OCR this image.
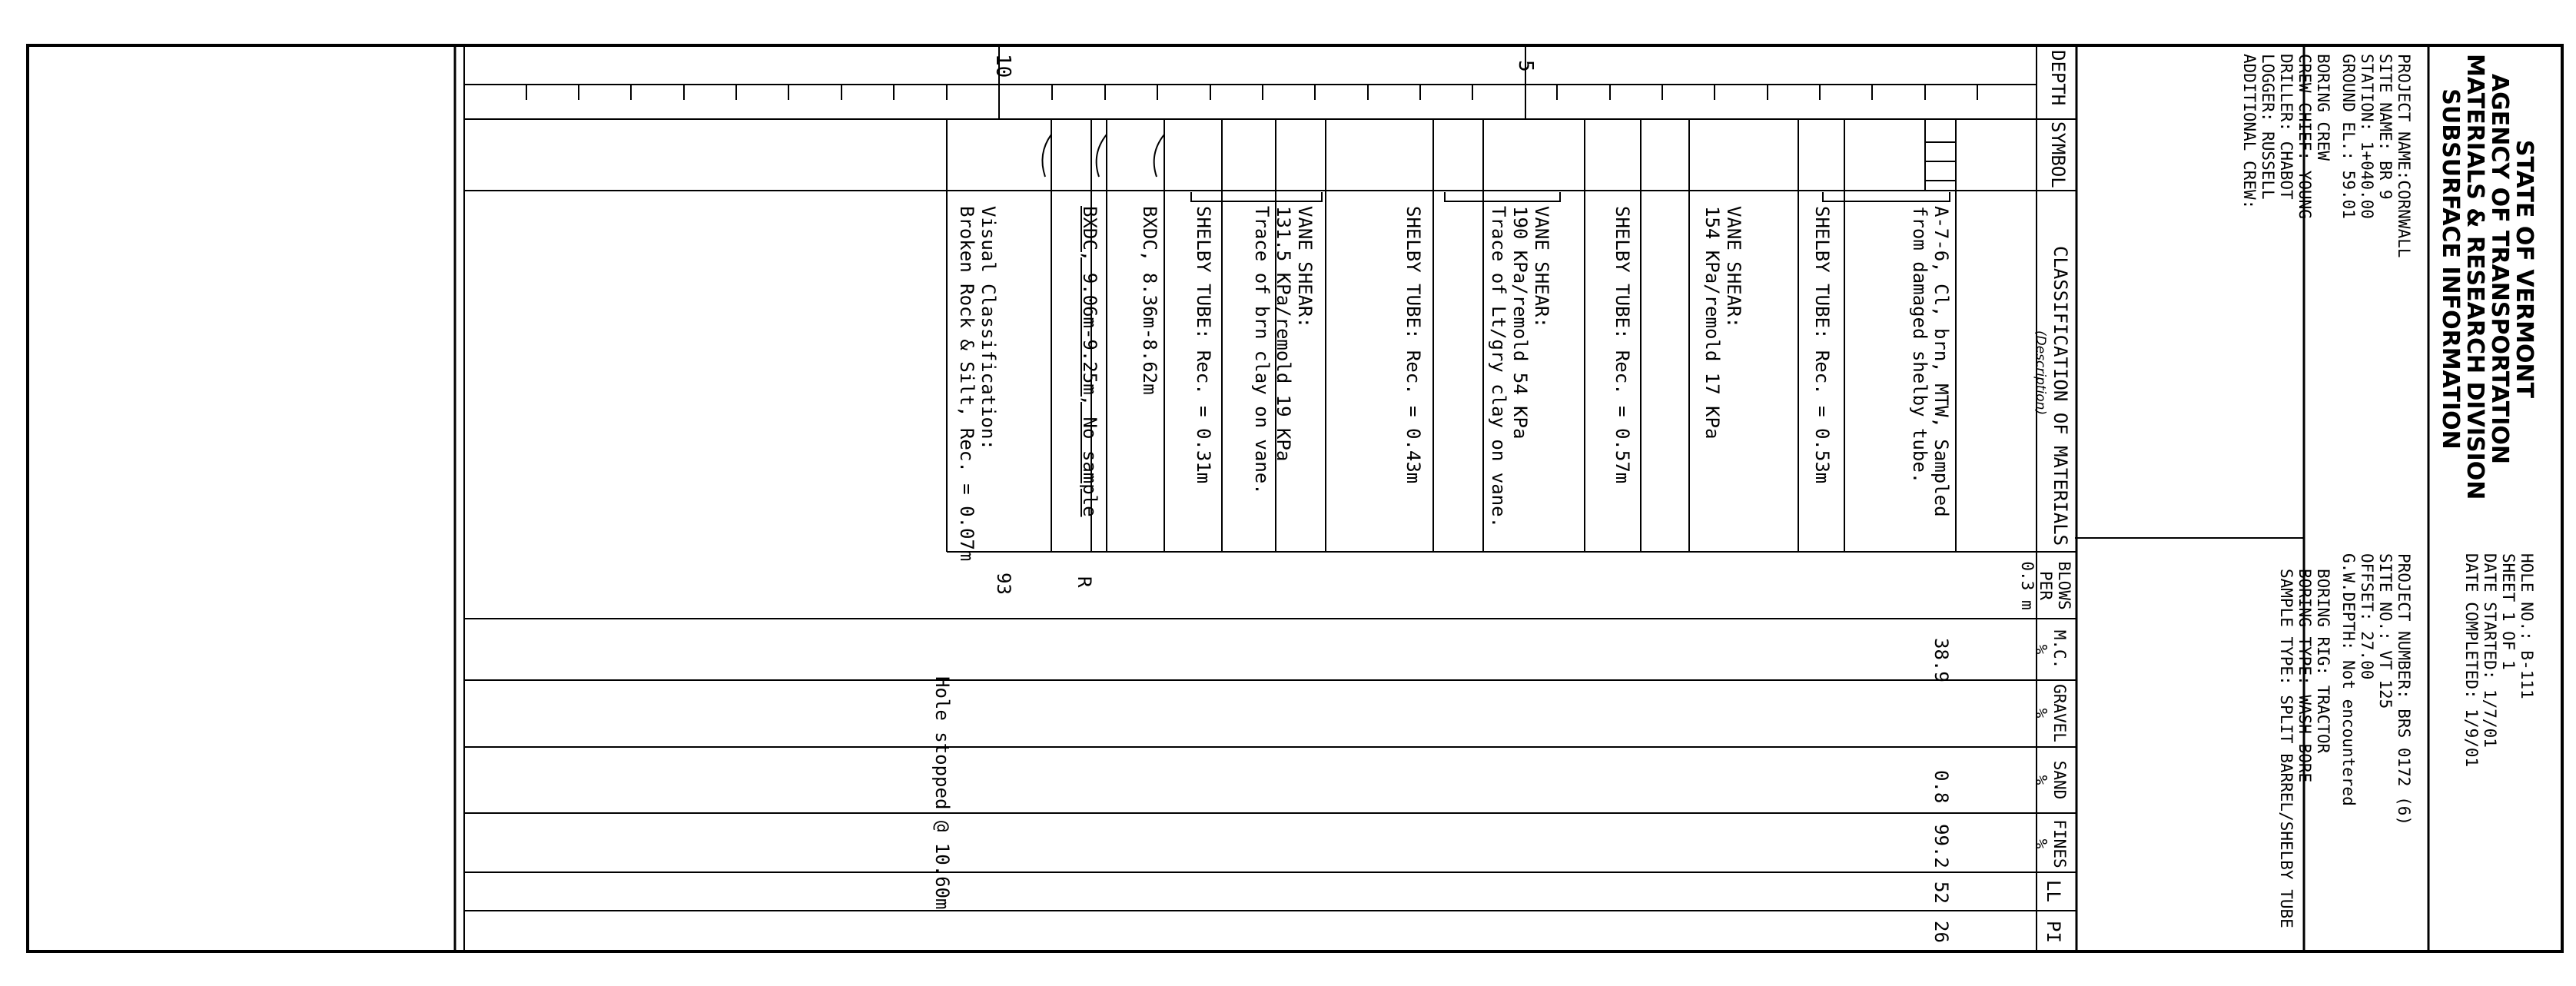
STATE OF VERMONT
AGENCY OF TRANSPORTATION
MATERIALS & RESEARCH DIVISION
SUBSURFACE INFORMATION
PROJECT NAME:CORNWALL
SITE NAME: BR 9
STATION: 1+040.00
GROUND EL.: 59.01
BORING CREW
CREW CHIEF: YOUNG
DRILLER: CHABOT
LOGGER: RUSSELL
ADDITIONAL CREW:
HOLE NO.: B-111
SHEET 1 OF 1
DATE STARTED: 1/7/01
DATE COMPLETED: 1/9/01
PROJECT NUMBER: BRS 0172 (6)
SITE NO.: VT 125
OFFSET: 27.00
G.W.DEPTH: Not encountered
BORING RIG: TRACTOR
BORING TYPE: WASH BORE
SAMPLE TYPE: SPLIT BARREL/SHELBY TUBE
DEPTH
SYMBOL
CLASSIFICATION OF MATERIALS
(Description)
BLOWS
PER
0.3 m
M.C.
%
GRAVEL
%
SAND
%
FINES
%
LL
PI
5
10
A-7-6, Cl, brn, MTW, Sampled
from damaged shelby tube.
SHELBY TUBE: Rec. = 0.53m
VANE SHEAR:
154 KPa/remold 17 KPa
SHELBY TUBE: Rec. = 0.57m
VANE SHEAR:
190 KPa/remold 54 KPa
Trace of Lt/gry clay on vane.
SHELBY TUBE: Rec. = 0.43m
VANE SHEAR:
131.5 KPa/remold 19 KPa
Trace of brn clay on vane.
SHELBY TUBE: Rec. = 0.31m
BXDC, 8.36m-8.62m
BXDC, 9.06m-9.25m, No sample
Visual Classification:
Broken Rock & Silt, Rec. = 0.07m
R
93
38.9
0.8
99.2
52
26
Hole stopped @ 10.60m
